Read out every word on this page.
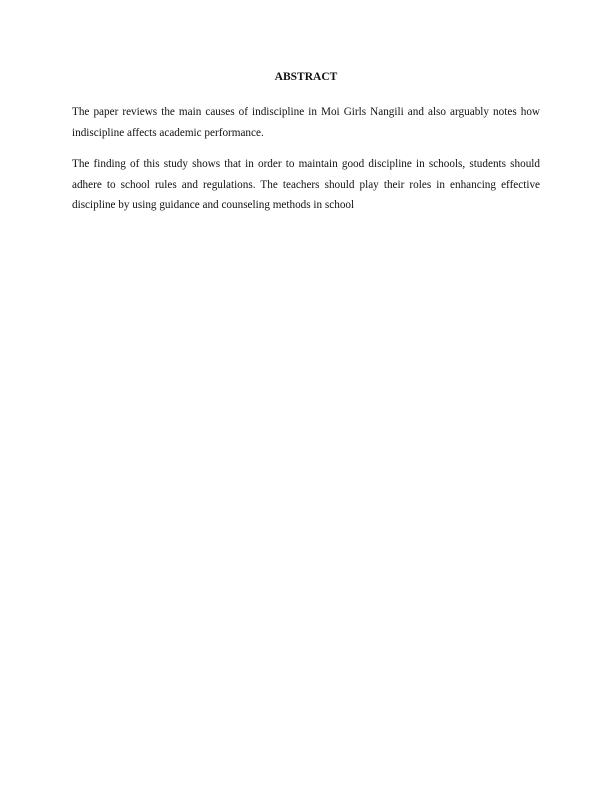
ABSTRACT

The paper reviews the main causes of indiscipline in Moi Girls Nangili and also arguably notes how indiscipline affects academic performance.

The finding of this study shows that in order to maintain good discipline in schools, students should adhere to school rules and regulations. The teachers should play their roles in enhancing effective discipline by using guidance and counseling methods in school
